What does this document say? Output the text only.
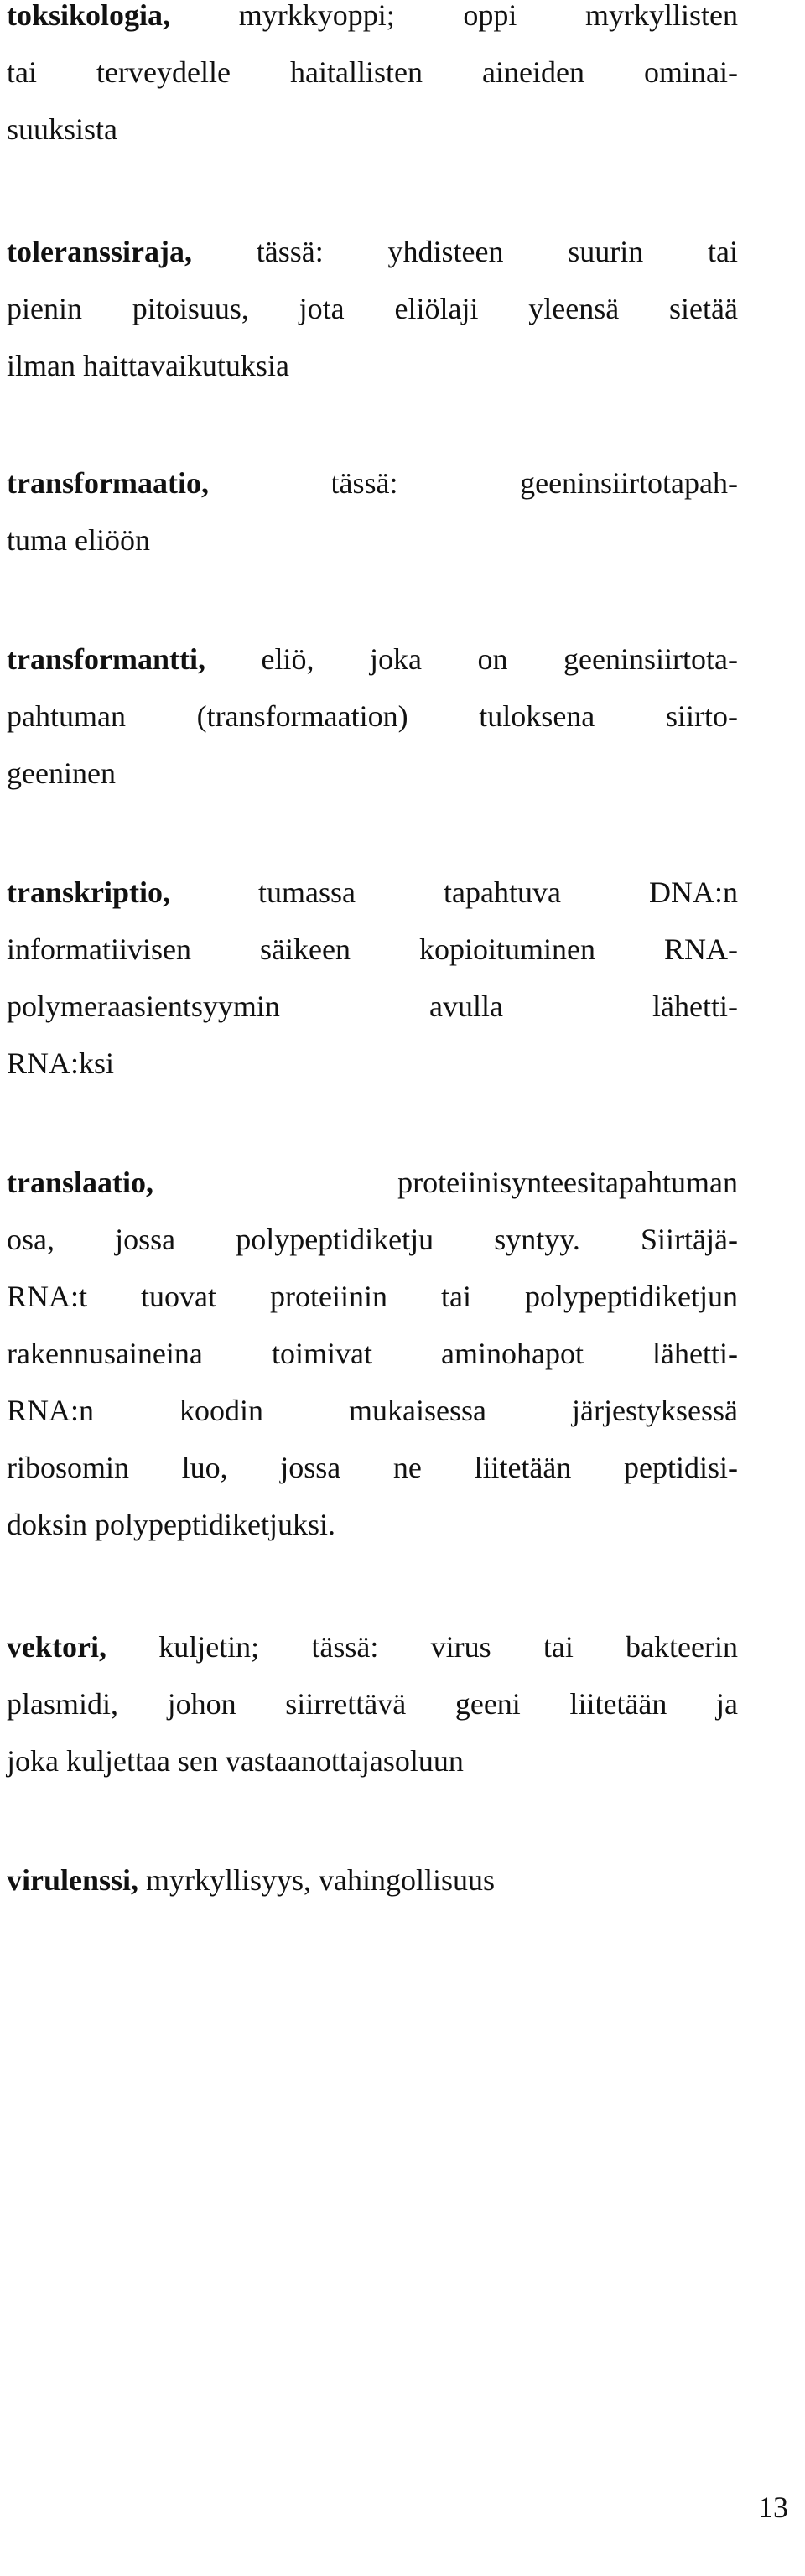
toksikologia, myrkkyoppi; oppi myrkyllisten
tai terveydelle haitallisten aineiden ominai-
suuksista

toleranssiraja, tässä: yhdisteen suurin tai
pienin pitoisuus, jota eliölaji yleensä sietää
ilman haittavaikutuksia

transformaatio, tässä: geeninsiirtotapah-
tuma eliöön

transformantti, eliö, joka on geeninsiirtota-
pahtuman (transformaation) tuloksena siirto-
geeninen

transkriptio, tumassa tapahtuva DNA:n
informatiivisen säikeen kopioituminen RNA-
polymeraasientsyymin avulla lähetti-
RNA:ksi

translaatio, proteiinisynteesitapahtuman
osa, jossa polypeptidiketju syntyy. Siirtäjä-
RNA:t tuovat proteiinin tai polypeptidiketjun
rakennusaineina toimivat aminohapot lähetti-
RNA:n koodin mukaisessa järjestyksessä
ribosomin luo, jossa ne liitetään peptidisi-
doksin polypeptidiketjuksi.

vektori, kuljetin; tässä: virus tai bakteerin
plasmidi, johon siirrettävä geeni liitetään ja
joka kuljettaa sen vastaanottajasoluun

virulenssi, myrkyllisyys, vahingollisuus

13
